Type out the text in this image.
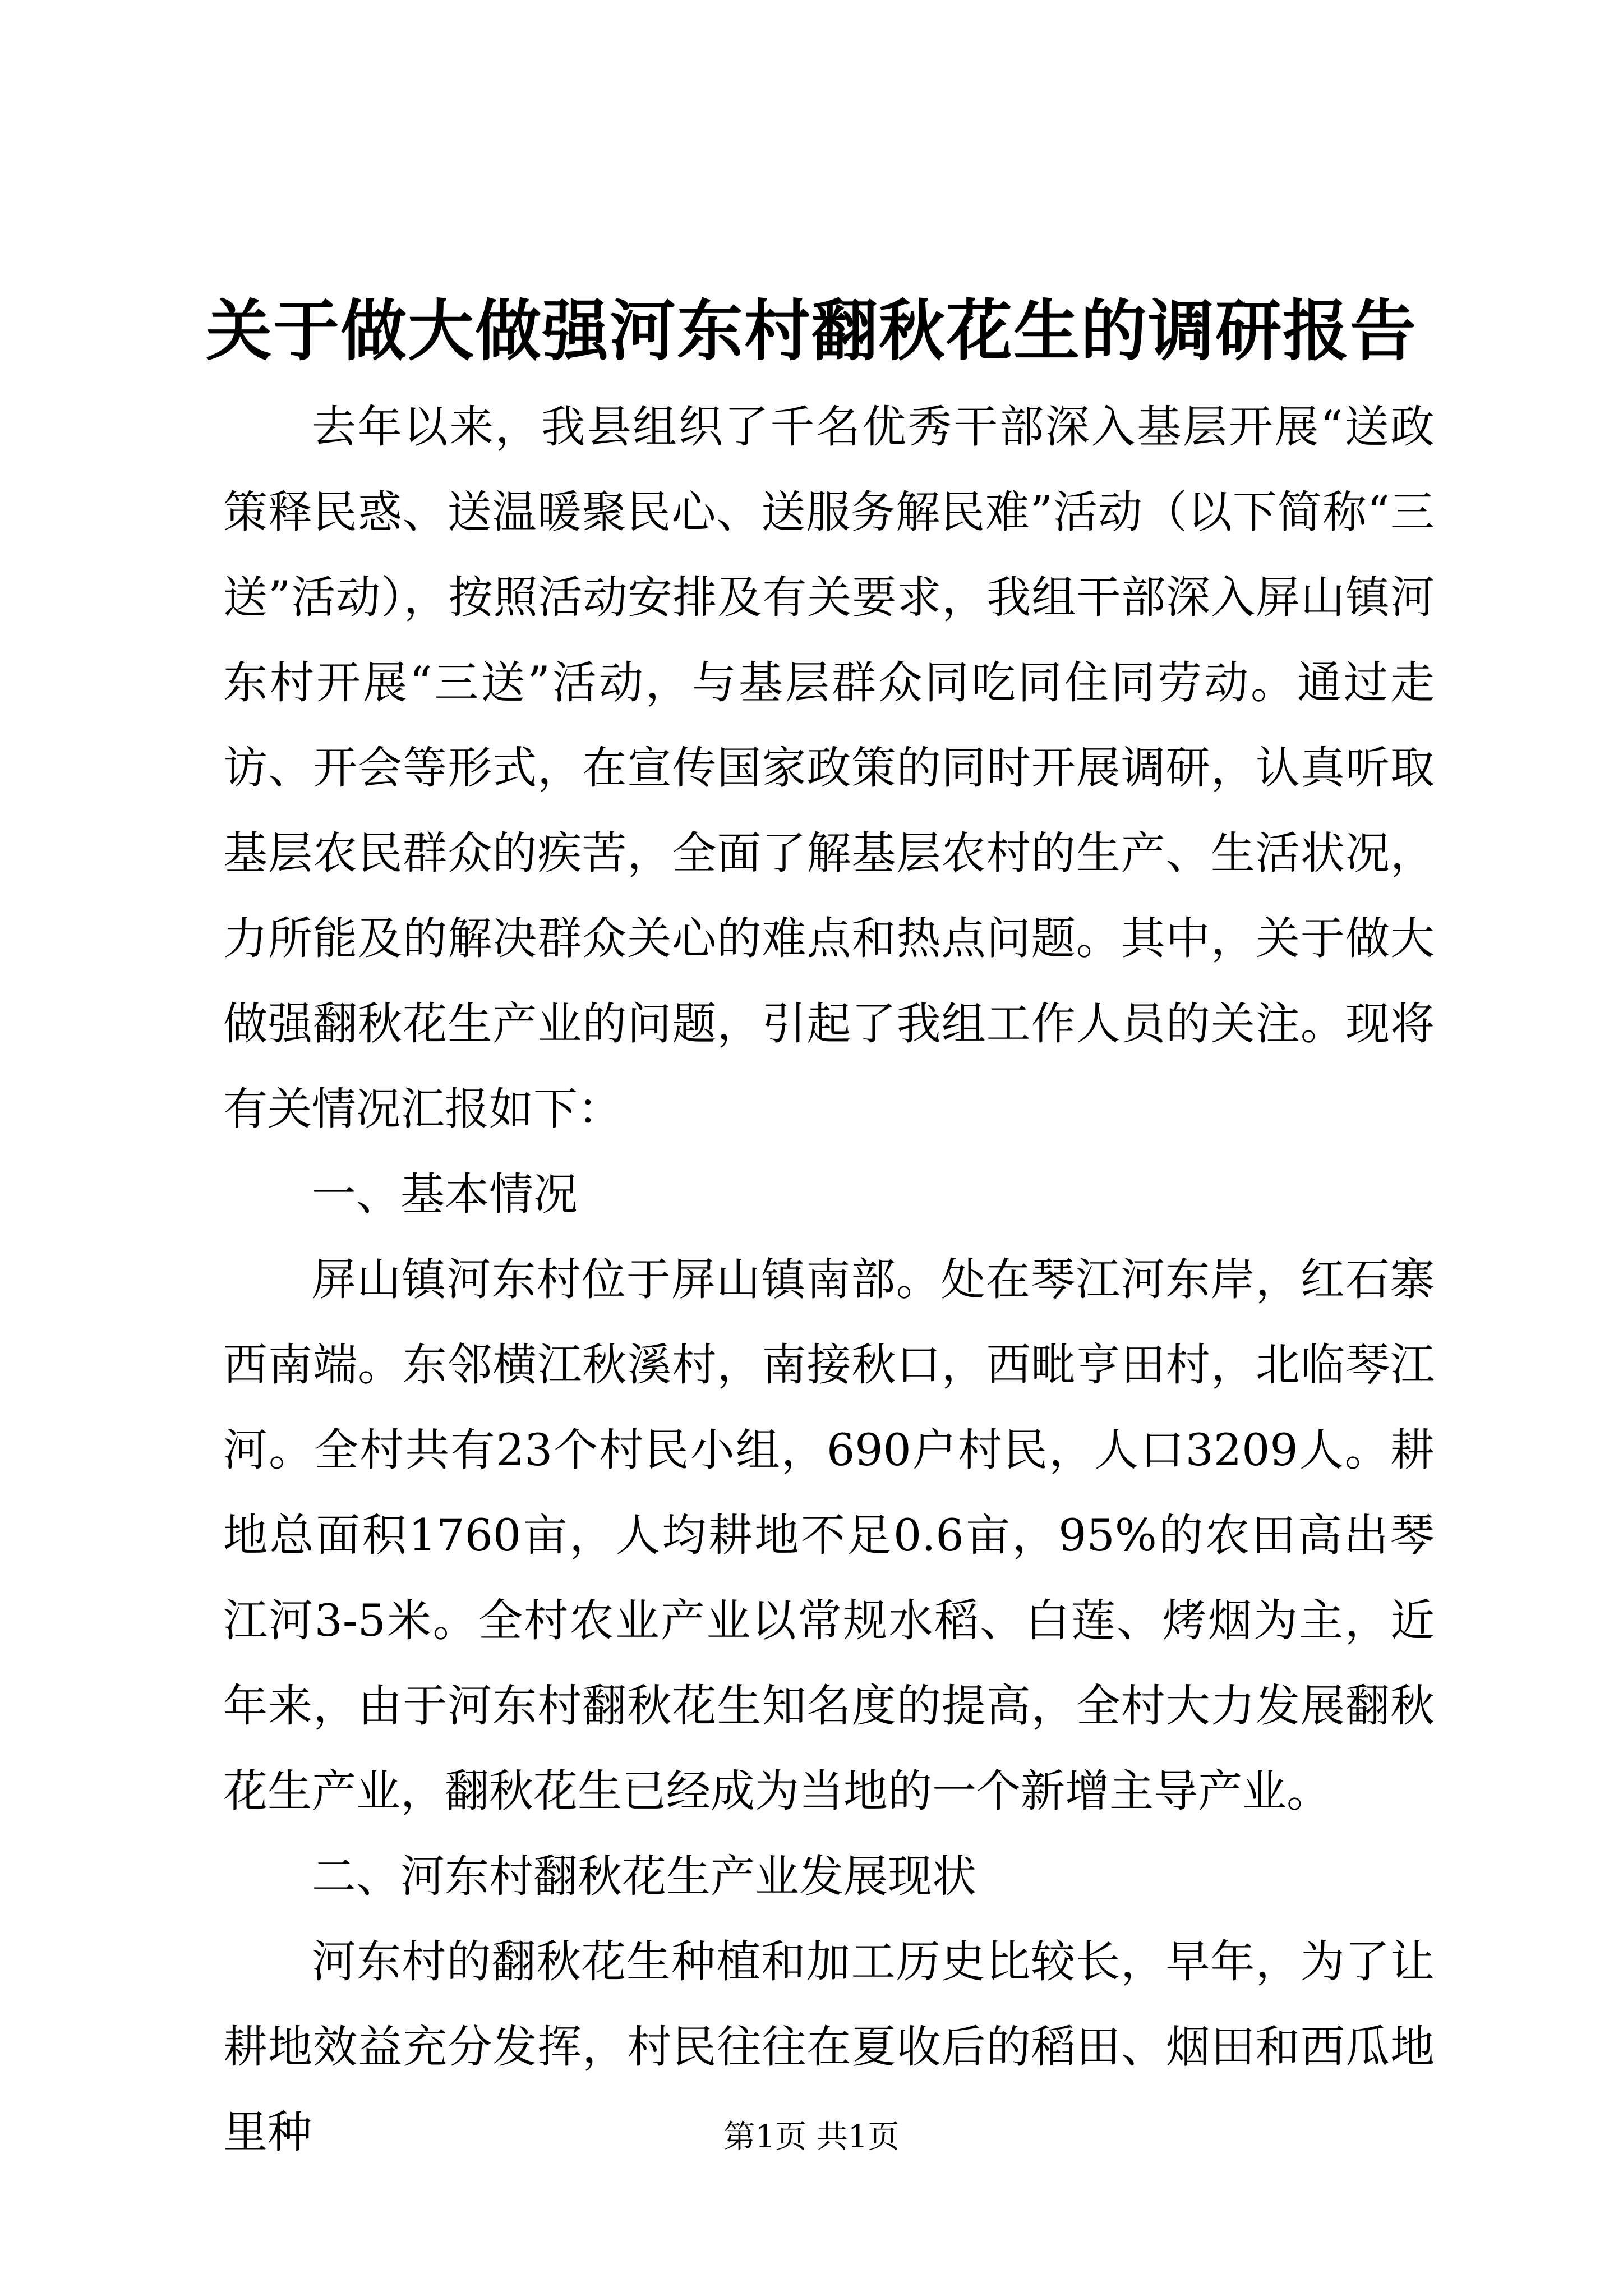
关于做大做强河东村翻秋花生的调研报告

去年以来，我县组织了千名优秀干部深入基层开展“送政策释民惑、送温暖聚民心、送服务解民难”活动（以下简称“三送”活动），按照活动安排及有关要求，我组干部深入屏山镇河东村开展“三送”活动，与基层群众同吃同住同劳动。通过走访、开会等形式，在宣传国家政策的同时开展调研，认真听取基层农民群众的疾苦，全面了解基层农村的生产、生活状况，力所能及的解决群众关心的难点和热点问题。其中，关于做大做强翻秋花生产业的问题，引起了我组工作人员的关注。现将有关情况汇报如下：

一、基本情况

屏山镇河东村位于屏山镇南部。处在琴江河东岸，红石寨西南端。东邻横江秋溪村，南接秋口，西毗亨田村，北临琴江河。全村共有23个村民小组，690户村民，人口3209人。耕地总面积1760亩，人均耕地不足0.6亩，95%的农田高出琴江河3-5米。全村农业产业以常规水稻、白莲、烤烟为主，近年来，由于河东村翻秋花生知名度的提高，全村大力发展翻秋花生产业，翻秋花生已经成为当地的一个新增主导产业。

二、河东村翻秋花生产业发展现状

河东村的翻秋花生种植和加工历史比较长，早年，为了让耕地效益充分发挥，村民往往在夏收后的稻田、烟田和西瓜地里种	第1页 共1页
